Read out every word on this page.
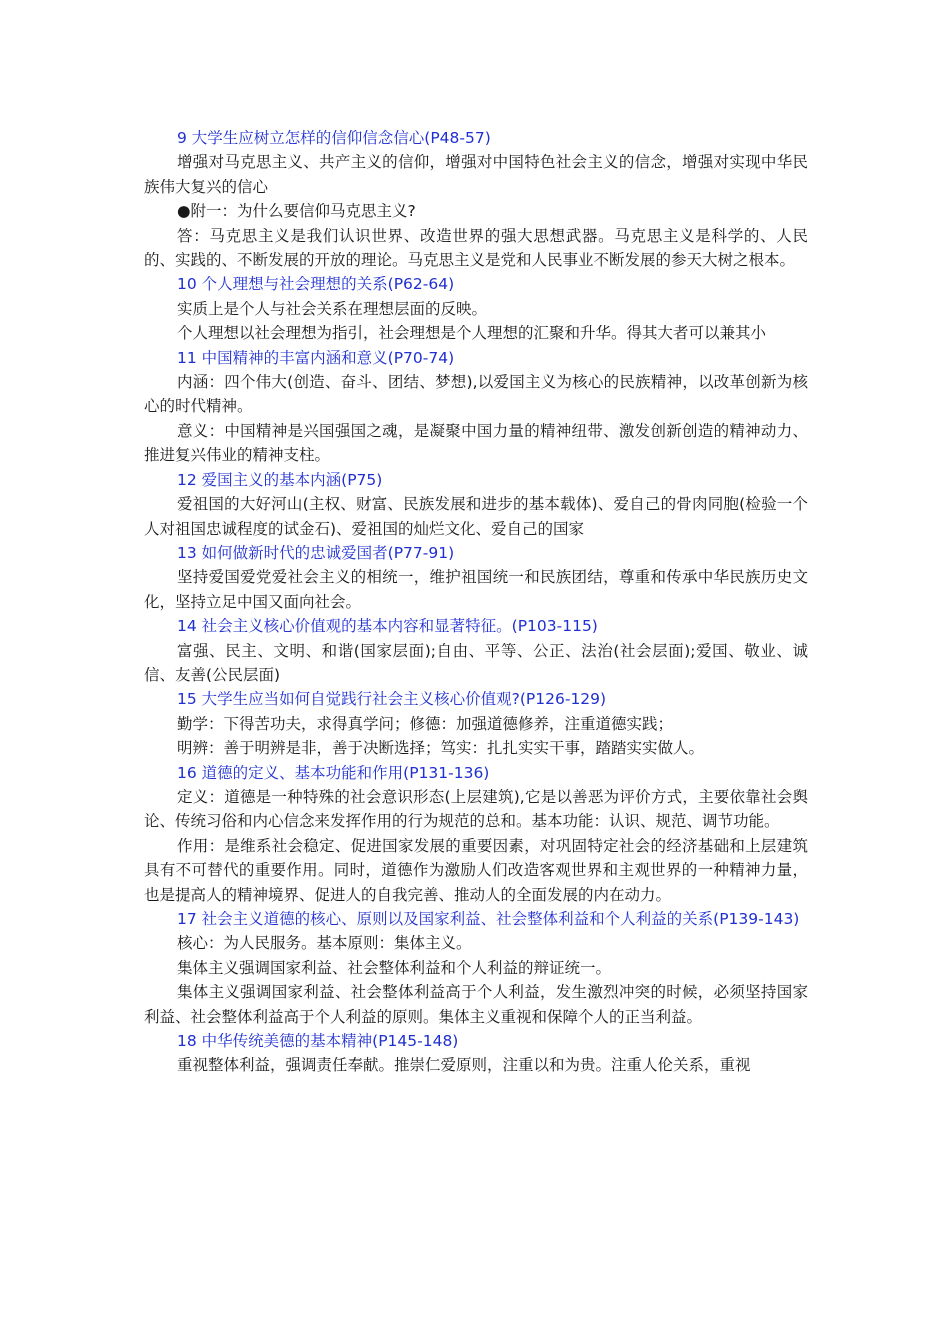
9 大学生应树立怎样的信仰信念信心(P48-57)

增强对马克思主义、共产主义的信仰，增强对中国特色社会主义的信念，增强对实现中华民族伟大复兴的信心

●附一：为什么要信仰马克思主义?

答：马克思主义是我们认识世界、改造世界的强大思想武器。马克思主义是科学的、人民的、实践的、不断发展的开放的理论。马克思主义是党和人民事业不断发展的参天大树之根本。

10 个人理想与社会理想的关系(P62-64)

实质上是个人与社会关系在理想层面的反映。

个人理想以社会理想为指引，社会理想是个人理想的汇聚和升华。得其大者可以兼其小

11 中国精神的丰富内涵和意义(P70-74)

内涵：四个伟大(创造、奋斗、团结、梦想),以爱国主义为核心的民族精神，以改革创新为核心的时代精神。

意义：中国精神是兴国强国之魂，是凝聚中国力量的精神纽带、激发创新创造的精神动力、推进复兴伟业的精神支柱。

12 爱国主义的基本内涵(P75)

爱祖国的大好河山(主权、财富、民族发展和进步的基本载体)、爱自己的骨肉同胞(检验一个人对祖国忠诚程度的试金石)、爱祖国的灿烂文化、爱自己的国家

13 如何做新时代的忠诚爱国者(P77-91)

坚持爱国爱党爱社会主义的相统一，维护祖国统一和民族团结，尊重和传承中华民族历史文化，坚持立足中国又面向社会。

14 社会主义核心价值观的基本内容和显著特征。(P103-115)

富强、民主、文明、和谐(国家层面);自由、平等、公正、法治(社会层面);爱国、敬业、诚信、友善(公民层面)

15 大学生应当如何自觉践行社会主义核心价值观?(P126-129)

勤学：下得苦功夫，求得真学问；修德：加强道德修养，注重道德实践；

明辨：善于明辨是非，善于决断选择；笃实：扎扎实实干事，踏踏实实做人。

16 道德的定义、基本功能和作用(P131-136)

定义：道德是一种特殊的社会意识形态(上层建筑),它是以善恶为评价方式，主要依靠社会舆论、传统习俗和内心信念来发挥作用的行为规范的总和。基本功能：认识、规范、调节功能。

作用：是维系社会稳定、促进国家发展的重要因素，对巩固特定社会的经济基础和上层建筑具有不可替代的重要作用。同时，道德作为激励人们改造客观世界和主观世界的一种精神力量，也是提高人的精神境界、促进人的自我完善、推动人的全面发展的内在动力。

17 社会主义道德的核心、原则以及国家利益、社会整体利益和个人利益的关系(P139-143)

核心：为人民服务。基本原则：集体主义。

集体主义强调国家利益、社会整体利益和个人利益的辩证统一。

集体主义强调国家利益、社会整体利益高于个人利益，发生激烈冲突的时候，必须坚持国家利益、社会整体利益高于个人利益的原则。集体主义重视和保障个人的正当利益。

18 中华传统美德的基本精神(P145-148)

重视整体利益，强调责任奉献。推崇仁爱原则，注重以和为贵。注重人伦关系，重视
